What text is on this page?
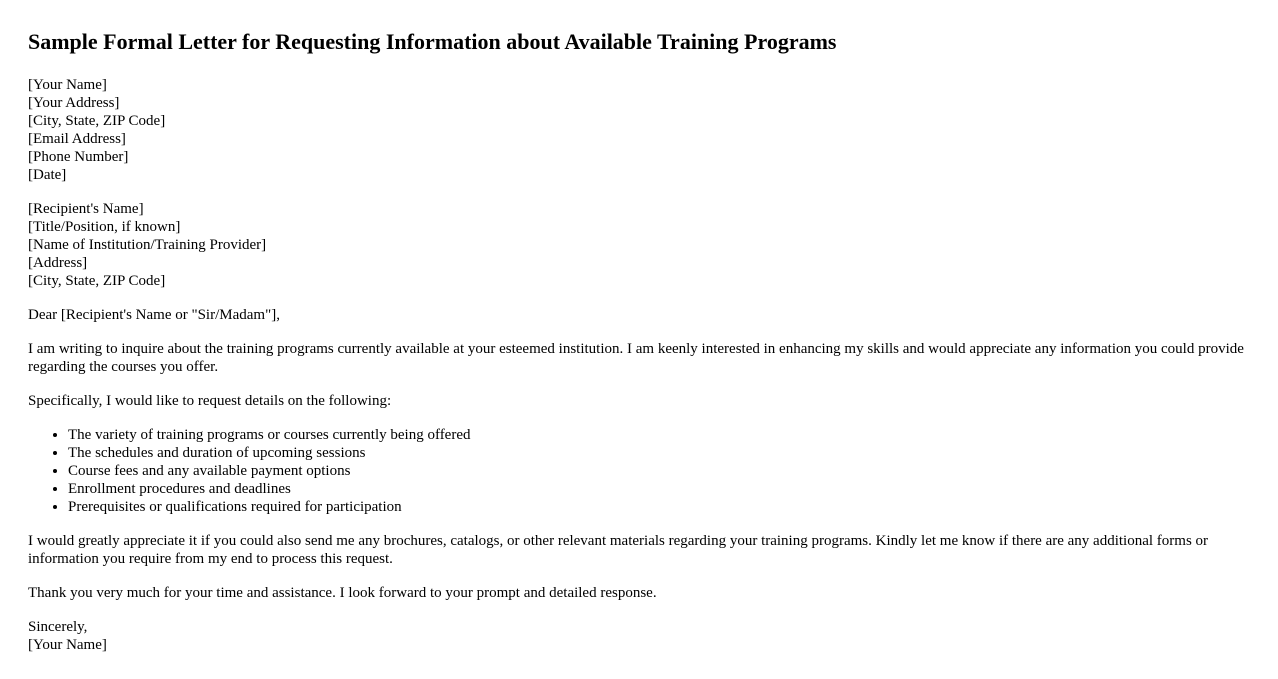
Sample Formal Letter for Requesting Information about Available Training Programs
[Your Name]
[Your Address]
[City, State, ZIP Code]
[Email Address]
[Phone Number]
[Date]
[Recipient's Name]
[Title/Position, if known]
[Name of Institution/Training Provider]
[Address]
[City, State, ZIP Code]

Dear [Recipient's Name or "Sir/Madam"],

I am writing to inquire about the training programs currently available at your esteemed institution. I am keenly interested in enhancing my skills and would appreciate any information you could provide regarding the courses you offer.

Specifically, I would like to request details on the following:

• The variety of training programs or courses currently being offered
• The schedules and duration of upcoming sessions
• Course fees and any available payment options
• Enrollment procedures and deadlines
• Prerequisites or qualifications required for participation

I would greatly appreciate it if you could also send me any brochures, catalogs, or other relevant materials regarding your training programs. Kindly let me know if there are any additional forms or information you require from my end to process this request.

Thank you very much for your time and assistance. I look forward to your prompt and detailed response.

Sincerely,
[Your Name]
